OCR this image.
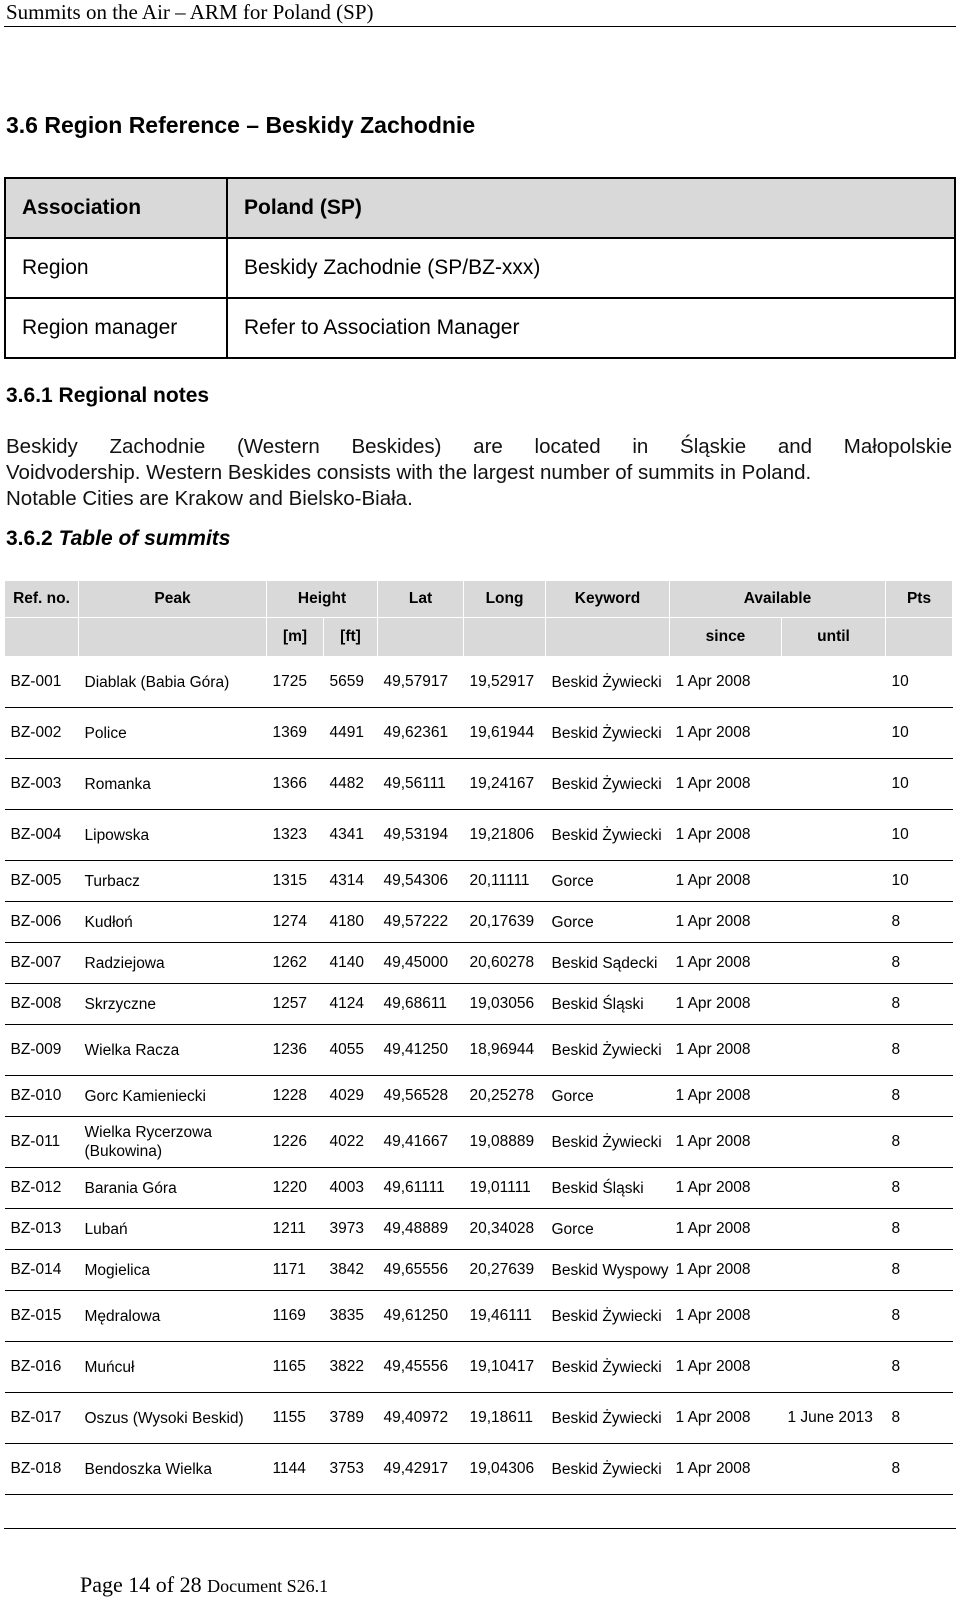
Summits on the Air – ARM for Poland (SP)
3.6 Region Reference – Beskidy Zachodnie
Association	Poland (SP)
Region	Beskidy Zachodnie (SP/BZ-xxx)
Region manager	Refer to Association Manager
3.6.1 Regional notes
Beskidy Zachodnie (Western Beskides) are located in Śląskie and Małopolskie
Voidvodership. Western Beskides consists with the largest number of summits in Poland.
Notable Cities are Krakow and Bielsko-Biała.
3.6.2 Table of summits
Ref. no.	Peak	Height		Lat	Long	Keyword	Available		Pts
		[m]	[ft]				since	until	
BZ-001	Diablak (Babia Góra)	1725	5659	49,57917	19,52917	Beskid Żywiecki	1 Apr 2008		10
BZ-002	Police	1369	4491	49,62361	19,61944	Beskid Żywiecki	1 Apr 2008		10
BZ-003	Romanka	1366	4482	49,56111	19,24167	Beskid Żywiecki	1 Apr 2008		10
BZ-004	Lipowska	1323	4341	49,53194	19,21806	Beskid Żywiecki	1 Apr 2008		10
BZ-005	Turbacz	1315	4314	49,54306	20,11111	Gorce	1 Apr 2008		10
BZ-006	Kudłoń	1274	4180	49,57222	20,17639	Gorce	1 Apr 2008		8
BZ-007	Radziejowa	1262	4140	49,45000	20,60278	Beskid Sądecki	1 Apr 2008		8
BZ-008	Skrzyczne	1257	4124	49,68611	19,03056	Beskid Śląski	1 Apr 2008		8
BZ-009	Wielka Racza	1236	4055	49,41250	18,96944	Beskid Żywiecki	1 Apr 2008		8
BZ-010	Gorc Kamieniecki	1228	4029	49,56528	20,25278	Gorce	1 Apr 2008		8
BZ-011	Wielka Rycerzowa (Bukowina)	1226	4022	49,41667	19,08889	Beskid Żywiecki	1 Apr 2008		8
BZ-012	Barania Góra	1220	4003	49,61111	19,01111	Beskid Śląski	1 Apr 2008		8
BZ-013	Lubań	1211	3973	49,48889	20,34028	Gorce	1 Apr 2008		8
BZ-014	Mogielica	1171	3842	49,65556	20,27639	Beskid Wyspowy	1 Apr 2008		8
BZ-015	Mędralowa	1169	3835	49,61250	19,46111	Beskid Żywiecki	1 Apr 2008		8
BZ-016	Muńcuł	1165	3822	49,45556	19,10417	Beskid Żywiecki	1 Apr 2008		8
BZ-017	Oszus (Wysoki Beskid)	1155	3789	49,40972	19,18611	Beskid Żywiecki	1 Apr 2008	1 June 2013	8
BZ-018	Bendoszka Wielka	1144	3753	49,42917	19,04306	Beskid Żywiecki	1 Apr 2008		8
Page 14 of 28 Document S26.1
